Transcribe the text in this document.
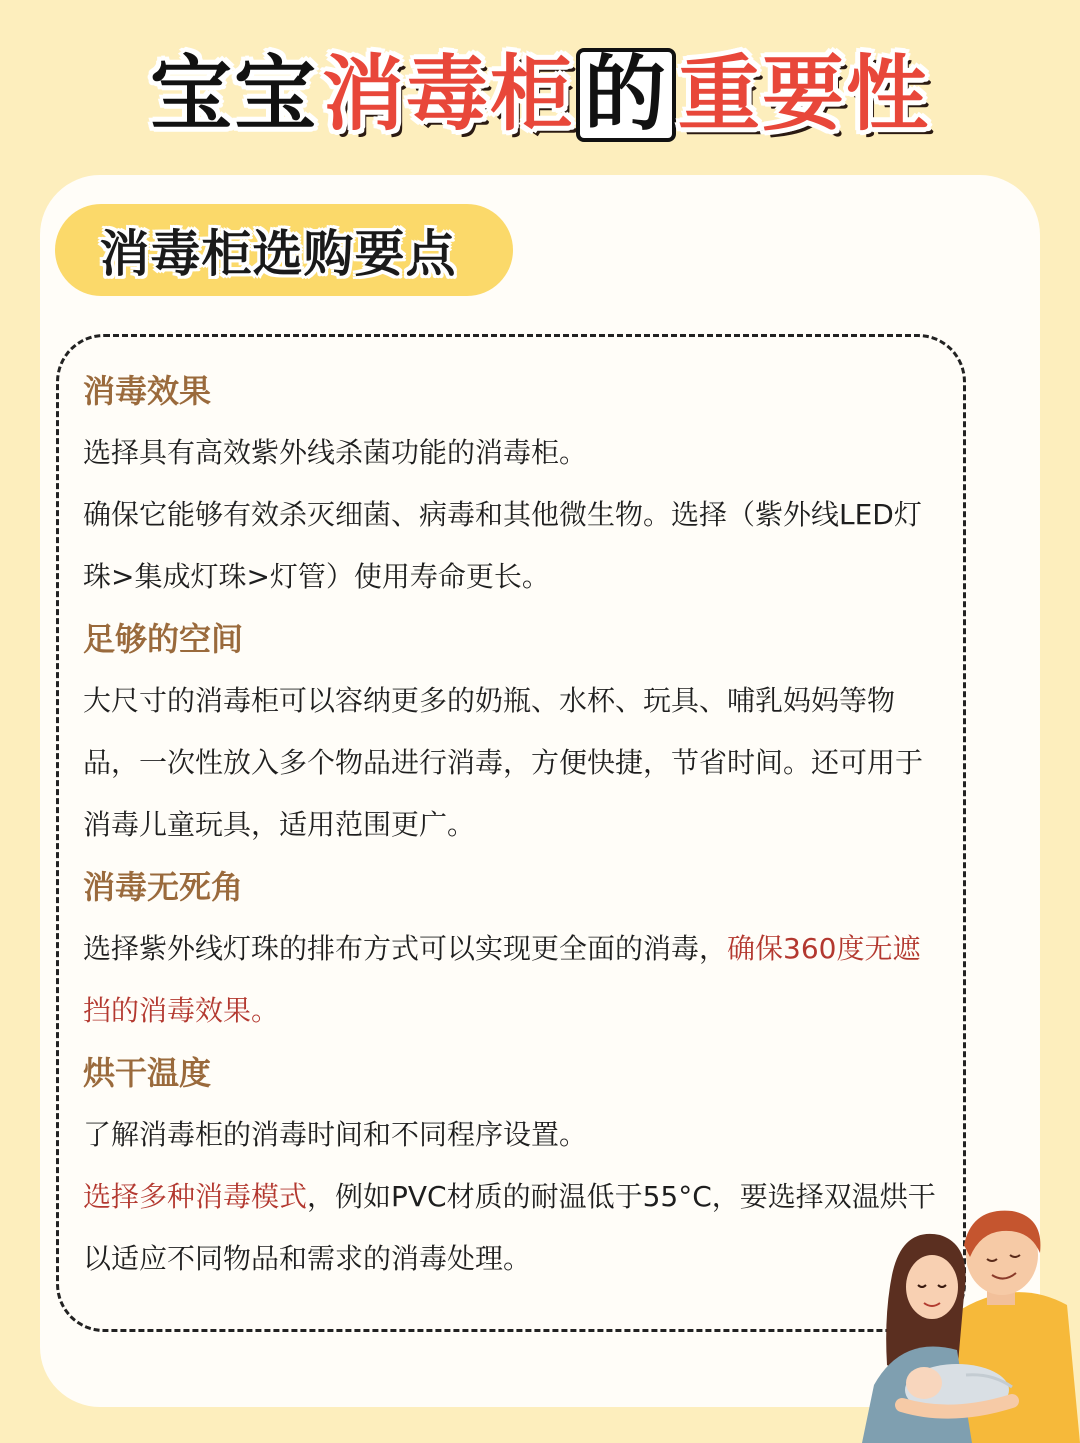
宝宝 消毒柜 的 重要性
消毒柜选购要点
消毒效果
选择具有高效紫外线杀菌功能的消毒柜。
确保它能够有效杀灭细菌、病毒和其他微生物。选择（紫外线LED灯珠>集成灯珠>灯管）使用寿命更长。
足够的空间
大尺寸的消毒柜可以容纳更多的奶瓶、水杯、玩具、哺乳妈妈等物品，一次性放入多个物品进行消毒，方便快捷，节省时间。还可用于消毒儿童玩具，适用范围更广。
消毒无死角
选择紫外线灯珠的排布方式可以实现更全面的消毒，确保360度无遮挡的消毒效果。
烘干温度
了解消毒柜的消毒时间和不同程序设置。
选择多种消毒模式，例如PVC材质的耐温低于55°C，要选择双温烘干以适应不同物品和需求的消毒处理。
